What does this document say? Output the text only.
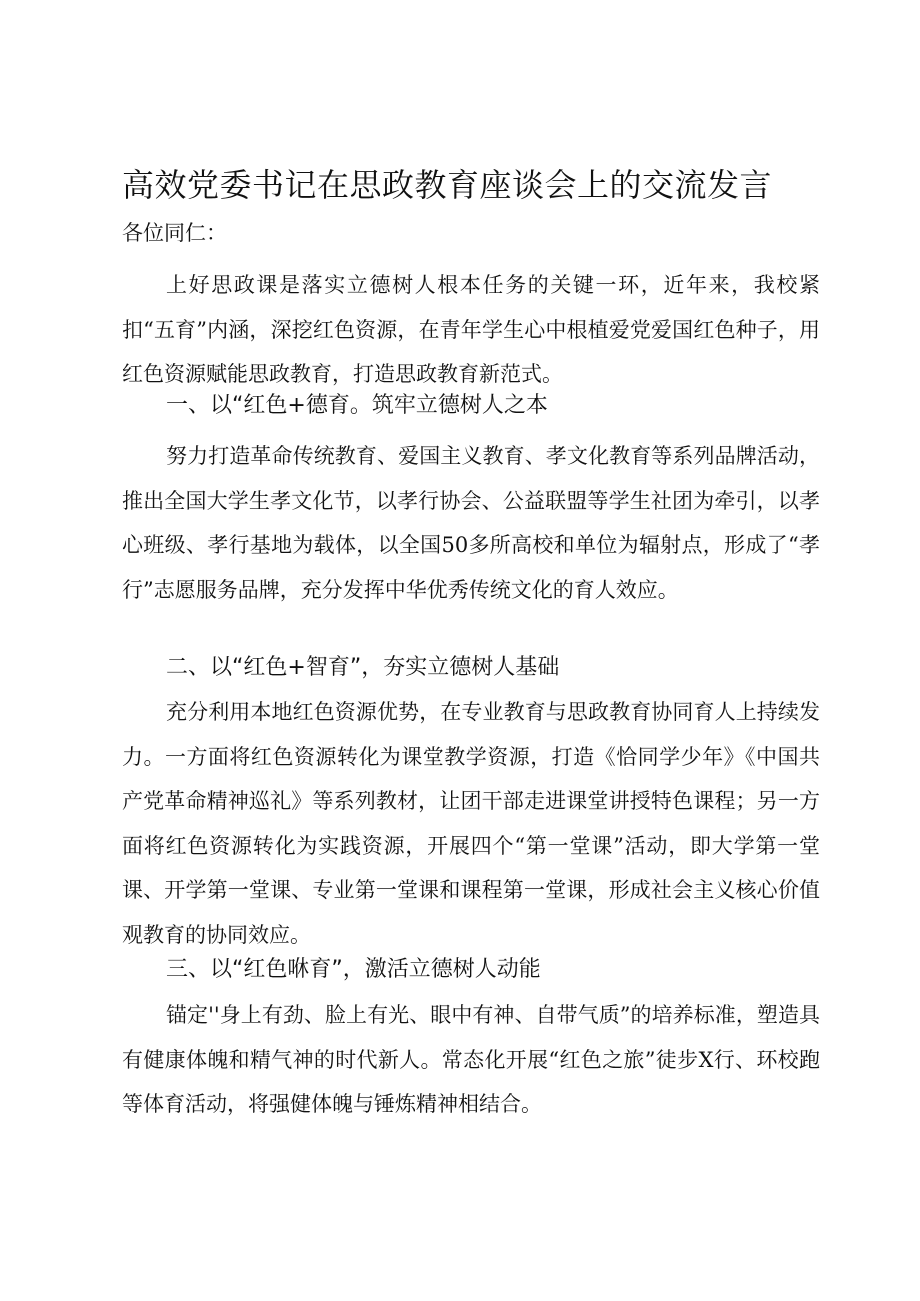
高效党委书记在思政教育座谈会上的交流发言
各位同仁：

上好思政课是落实立德树人根本任务的关键一环，近年来，我校紧扣“五育”内涵，深挖红色资源，在青年学生心中根植爱党爱国红色种子，用红色资源赋能思政教育，打造思政教育新范式。

一、以“红色+德育。筑牢立德树人之本

努力打造革命传统教育、爱国主义教育、孝文化教育等系列品牌活动，推出全国大学生孝文化节，以孝行协会、公益联盟等学生社团为牵引，以孝心班级、孝行基地为载体，以全国50多所高校和单位为辐射点，形成了“孝行”志愿服务品牌，充分发挥中华优秀传统文化的育人效应。

二、以“红色+智育”，夯实立德树人基础

充分利用本地红色资源优势，在专业教育与思政教育协同育人上持续发力。一方面将红色资源转化为课堂教学资源，打造《恰同学少年》《中国共产党革命精神巡礼》等系列教材，让团干部走进课堂讲授特色课程；另一方面将红色资源转化为实践资源，开展四个“第一堂课”活动，即大学第一堂课、开学第一堂课、专业第一堂课和课程第一堂课，形成社会主义核心价值观教育的协同效应。

三、以“红色咻育”，激活立德树人动能

锚定''身上有劲、脸上有光、眼中有神、自带气质”的培养标准，塑造具有健康体魄和精气神的时代新人。常态化开展“红色之旅”徒步X行、环校跑等体育活动，将强健体魄与锤炼精神相结合。
